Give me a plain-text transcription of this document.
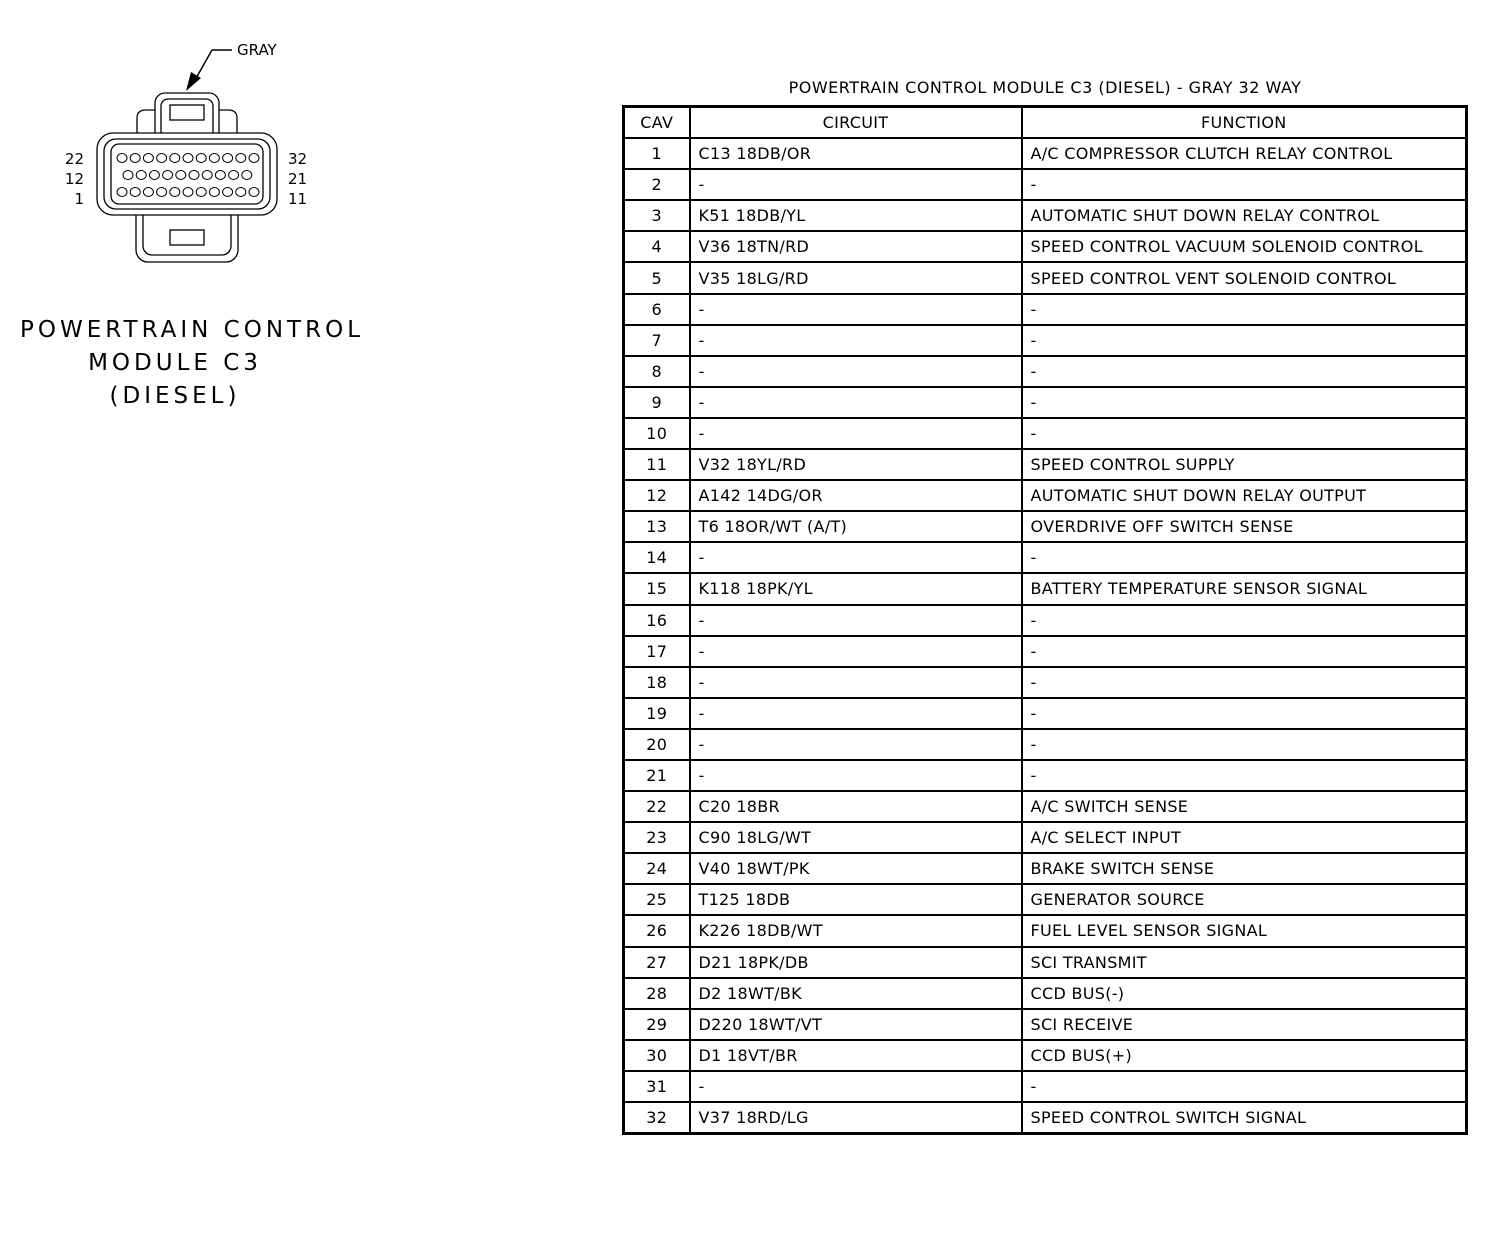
GRAY
22
12
1
32
21
11
POWERTRAIN CONTROL
MODULE C3
(DIESEL)
POWERTRAIN CONTROL MODULE C3 (DIESEL) - GRAY 32 WAY
CAV	CIRCUIT	FUNCTION
1	C13 18DB/OR	A/C COMPRESSOR CLUTCH RELAY CONTROL
2	-	-
3	K51 18DB/YL	AUTOMATIC SHUT DOWN RELAY CONTROL
4	V36 18TN/RD	SPEED CONTROL VACUUM SOLENOID CONTROL
5	V35 18LG/RD	SPEED CONTROL VENT SOLENOID CONTROL
6	-	-
7	-	-
8	-	-
9	-	-
10	-	-
11	V32 18YL/RD	SPEED CONTROL SUPPLY
12	A142 14DG/OR	AUTOMATIC SHUT DOWN RELAY OUTPUT
13	T6 18OR/WT (A/T)	OVERDRIVE OFF SWITCH SENSE
14	-	-
15	K118 18PK/YL	BATTERY TEMPERATURE SENSOR SIGNAL
16	-	-
17	-	-
18	-	-
19	-	-
20	-	-
21	-	-
22	C20 18BR	A/C SWITCH SENSE
23	C90 18LG/WT	A/C SELECT INPUT
24	V40 18WT/PK	BRAKE SWITCH SENSE
25	T125 18DB	GENERATOR SOURCE
26	K226 18DB/WT	FUEL LEVEL SENSOR SIGNAL
27	D21 18PK/DB	SCI TRANSMIT
28	D2 18WT/BK	CCD BUS(-)
29	D220 18WT/VT	SCI RECEIVE
30	D1 18VT/BR	CCD BUS(+)
31	-	-
32	V37 18RD/LG	SPEED CONTROL SWITCH SIGNAL
